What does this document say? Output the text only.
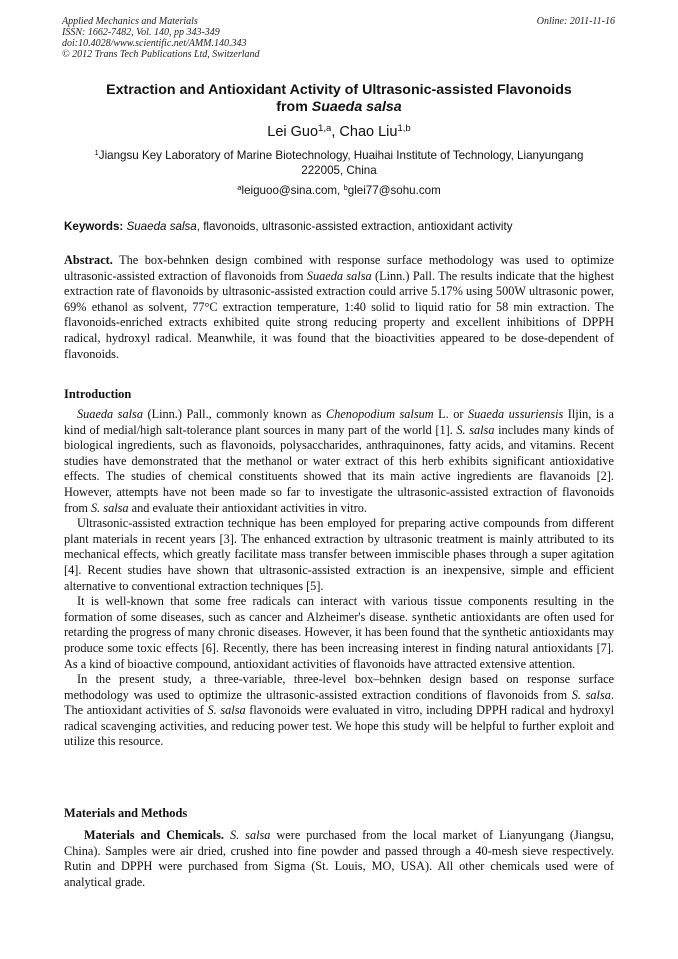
Applied Mechanics and Materials
ISSN: 1662-7482, Vol. 140, pp 343-349
doi:10.4028/www.scientific.net/AMM.140.343
© 2012 Trans Tech Publications Ltd, Switzerland
Online: 2011-11-16
Extraction and Antioxidant Activity of Ultrasonic-assisted Flavonoids
from Suaeda salsa
Lei Guo$^{1,a}$, Chao Liu$^{1,b}$
$^1$Jiangsu Key Laboratory of Marine Biotechnology, Huaihai Institute of Technology, Lianyungang
222005, China
$^a$leiguoo@sina.com, $^b$glei77@sohu.com
Keywords: Suaeda salsa, flavonoids, ultrasonic-assisted extraction, antioxidant activity
Abstract. The box-behnken design combined with response surface methodology was used to optimize ultrasonic-assisted extraction of flavonoids from Suaeda salsa (Linn.) Pall. The results indicate that the highest extraction rate of flavonoids by ultrasonic-assisted extraction could arrive 5.17% using 500W ultrasonic power, 69% ethanol as solvent, 77°C extraction temperature, 1:40 solid to liquid ratio for 58 min extraction. The flavonoids-enriched extracts exhibited quite strong reducing property and excellent inhibitions of DPPH radical, hydroxyl radical. Meanwhile, it was found that the bioactivities appeared to be dose-dependent of flavonoids.
Introduction

Suaeda salsa (Linn.) Pall., commonly known as Chenopodium salsum L. or Suaeda ussuriensis Iljin, is a kind of medial/high salt-tolerance plant sources in many part of the world [1]. S. salsa includes many kinds of biological ingredients, such as flavonoids, polysaccharides, anthraquinones, fatty acids, and vitamins. Recent studies have demonstrated that the methanol or water extract of this herb exhibits significant antioxidative effects. The studies of chemical constituents showed that its main active ingredients are flavanoids [2]. However, attempts have not been made so far to investigate the ultrasonic-assisted extraction of flavonoids from S. salsa and evaluate their antioxidant activities in vitro.

Ultrasonic-assisted extraction technique has been employed for preparing active compounds from different plant materials in recent years [3]. The enhanced extraction by ultrasonic treatment is mainly attributed to its mechanical effects, which greatly facilitate mass transfer between immiscible phases through a super agitation [4]. Recent studies have shown that ultrasonic-assisted extraction is an inexpensive, simple and efficient alternative to conventional extraction techniques [5].

It is well-known that some free radicals can interact with various tissue components resulting in the formation of some diseases, such as cancer and Alzheimer's disease. synthetic antioxidants are often used for retarding the progress of many chronic diseases. However, it has been found that the synthetic antioxidants may produce some toxic effects [6]. Recently, there has been increasing interest in finding natural antioxidants [7]. As a kind of bioactive compound, antioxidant activities of flavonoids have attracted extensive attention.

In the present study, a three-variable, three-level box–behnken design based on response surface methodology was used to optimize the ultrasonic-assisted extraction conditions of flavonoids from S. salsa. The antioxidant activities of S. salsa flavonoids were evaluated in vitro, including DPPH radical and hydroxyl radical scavenging activities, and reducing power test. We hope this study will be helpful to further exploit and utilize this resource.

Materials and Methods

Materials and Chemicals. S. salsa were purchased from the local market of Lianyungang (Jiangsu, China). Samples were air dried, crushed into fine powder and passed through a 40-mesh sieve respectively. Rutin and DPPH were purchased from Sigma (St. Louis, MO, USA). All other chemicals used were of analytical grade.
